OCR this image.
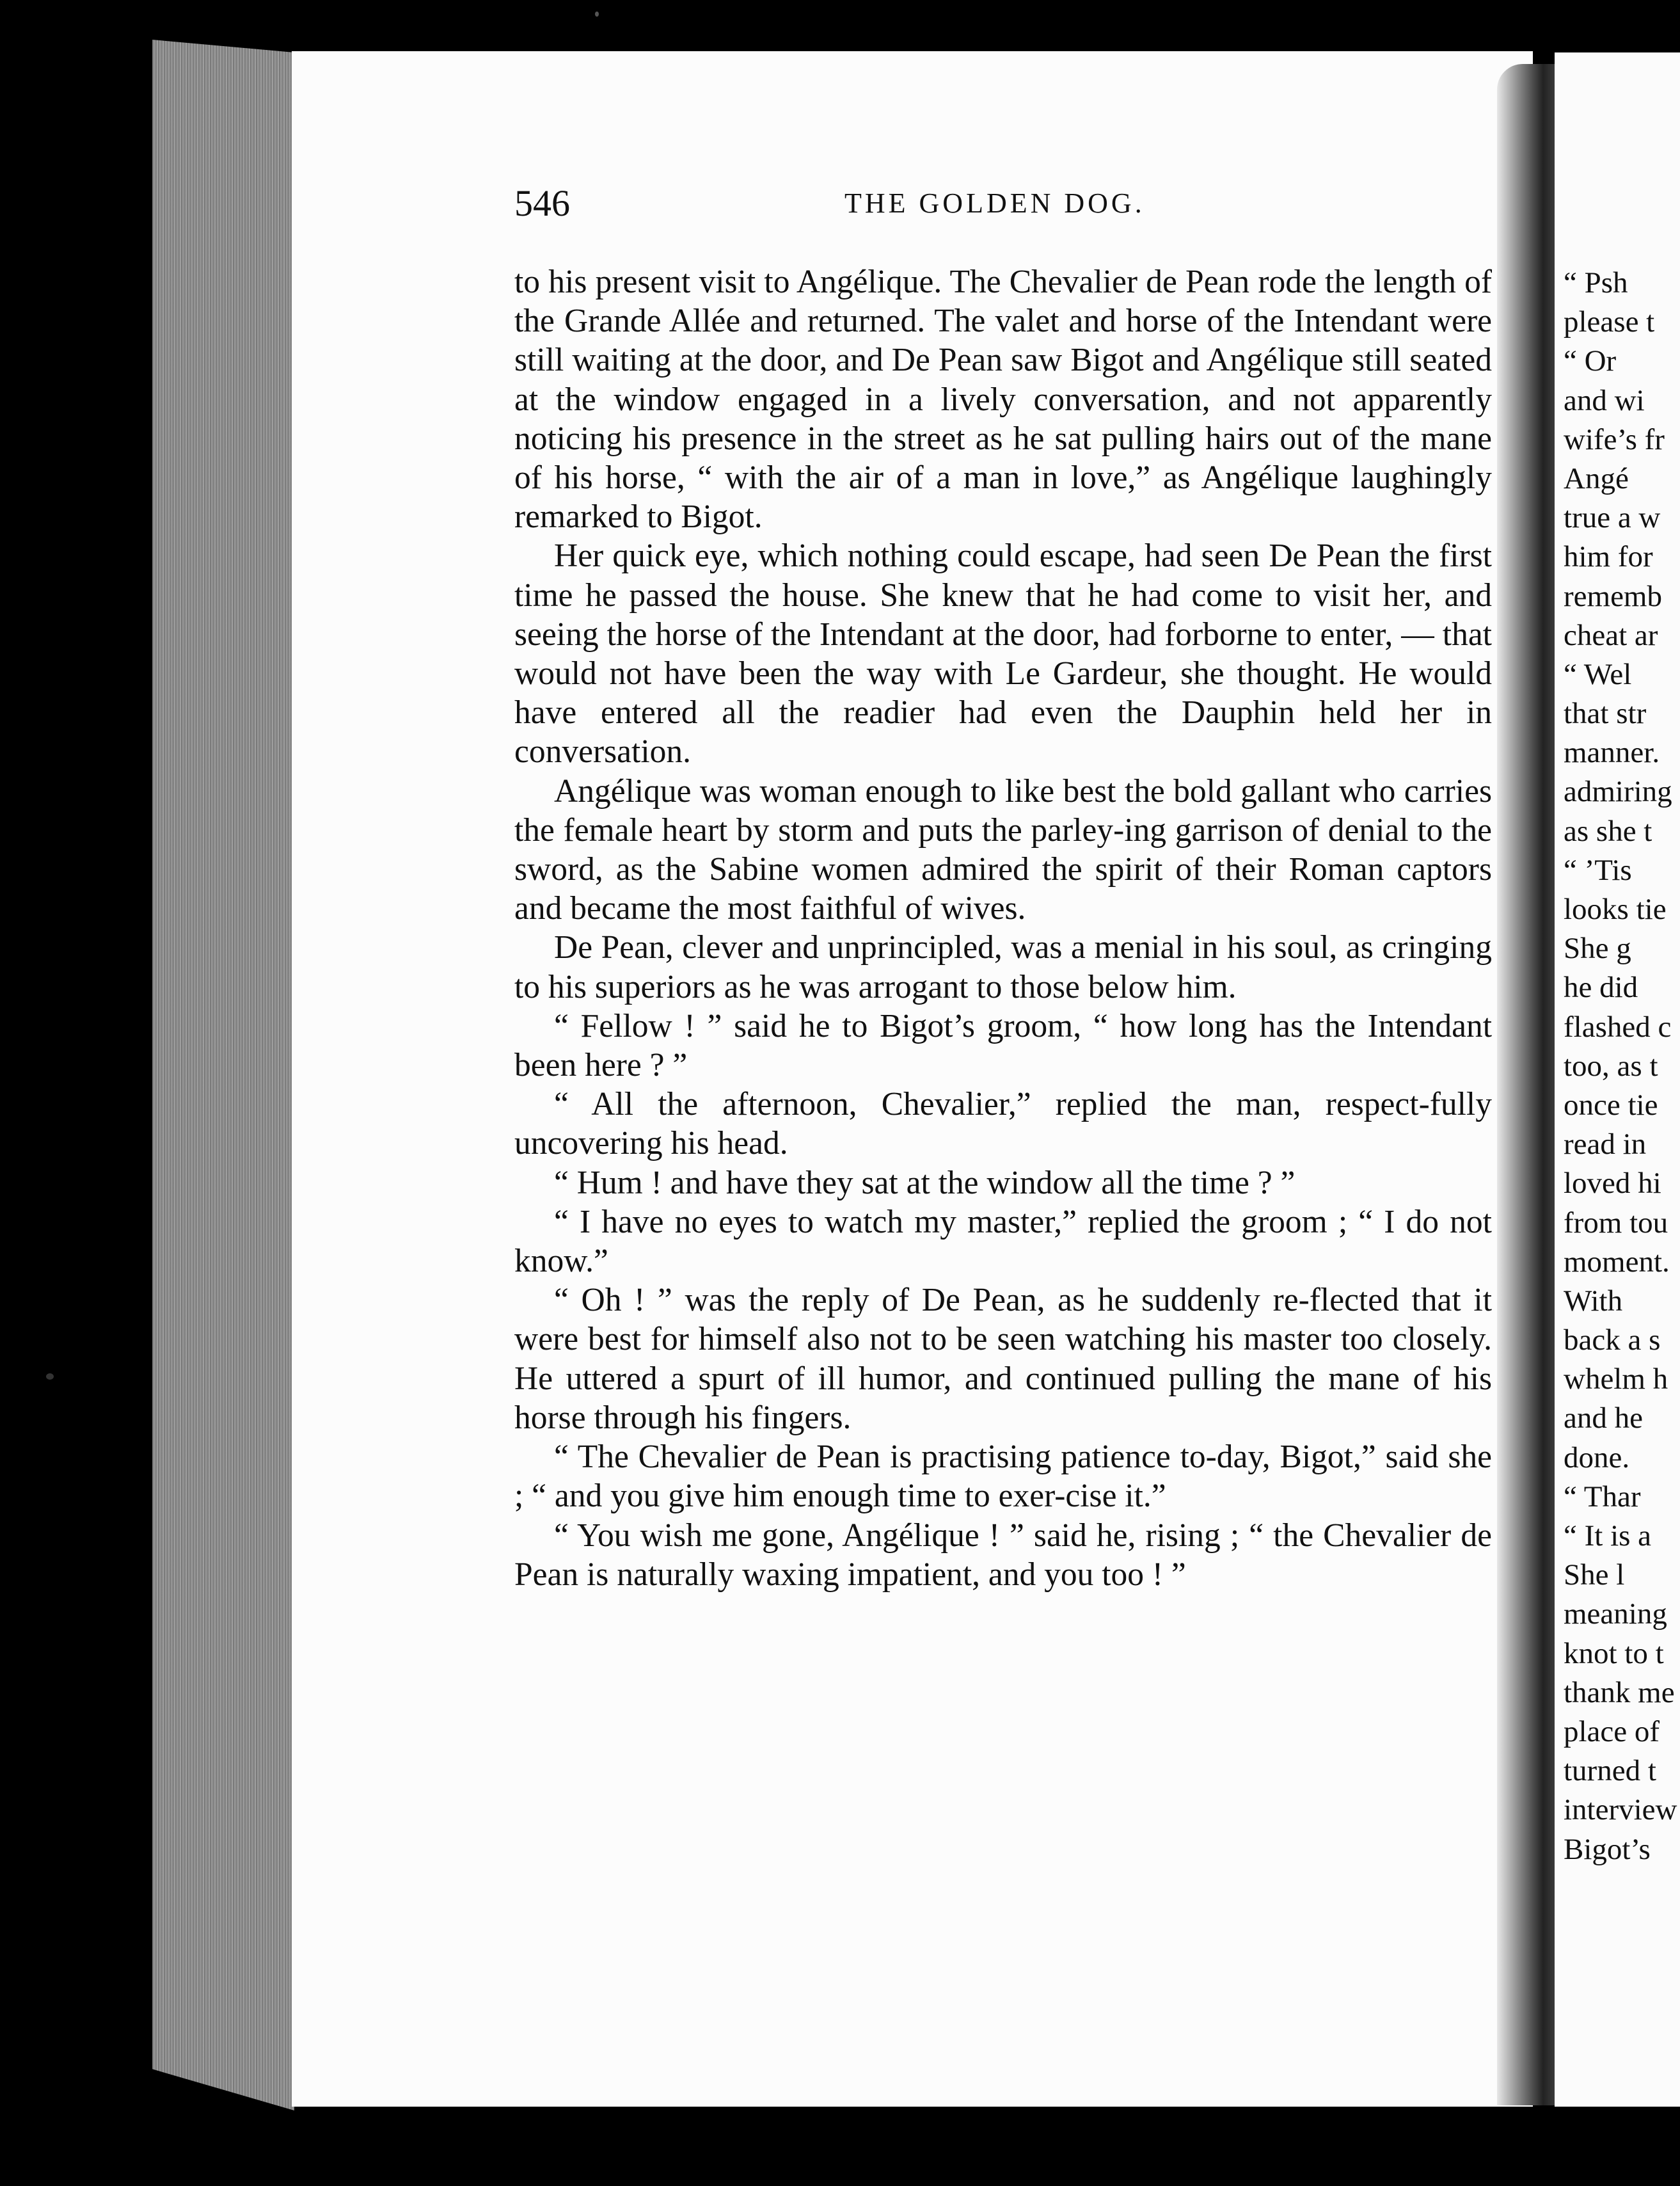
546	THE GOLDEN DOG.

to his present visit to Angélique. The Chevalier de Pean rode the length of the Grande Allée and returned. The valet and horse of the Intendant were still waiting at the door, and De Pean saw Bigot and Angélique still seated at the window engaged in a lively conversation, and not apparently noticing his presence in the street as he sat pulling hairs out of the mane of his horse, “ with the air of a man in love,” as Angélique laughingly remarked to Bigot.

Her quick eye, which nothing could escape, had seen De Pean the first time he passed the house. She knew that he had come to visit her, and seeing the horse of the Intendant at the door, had forborne to enter, — that would not have been the way with Le Gardeur, she thought. He would have entered all the readier had even the Dauphin held her in conversation.

Angélique was woman enough to like best the bold gallant who carries the female heart by storm and puts the parley-ing garrison of denial to the sword, as the Sabine women admired the spirit of their Roman captors and became the most faithful of wives.

De Pean, clever and unprincipled, was a menial in his soul, as cringing to his superiors as he was arrogant to those below him.

“ Fellow ! ” said he to Bigot’s groom, “ how long has the Intendant been here ? ”

“ All the afternoon, Chevalier,” replied the man, respect-fully uncovering his head.

“ Hum ! and have they sat at the window all the time ? ”

“ I have no eyes to watch my master,” replied the groom ; “ I do not know.”

“ Oh ! ” was the reply of De Pean, as he suddenly re-flected that it were best for himself also not to be seen watching his master too closely. He uttered a spurt of ill humor, and continued pulling the mane of his horse through his fingers.

“ The Chevalier de Pean is practising patience to-day, Bigot,” said she ; “ and you give him enough time to exer-cise it.”

“ You wish me gone, Angélique ! ” said he, rising ; “ the Chevalier de Pean is naturally waxing impatient, and you too ! ”

“ Psh
please t
“ Or
and wi
wife’s fr
Angé
true a w
him for
rememb
cheat ar
“ Wel
that str
manner.
admiring
as she t
“ ’Tis
looks tie
She g
he did
flashed c
too, as t
once tie
read in
loved hi
from tou
moment.
With
back a s
whelm h
and he
done.
“ Thar
“ It is a
She l
meaning
knot to t
thank me
place of
turned t
interview
Bigot’s
